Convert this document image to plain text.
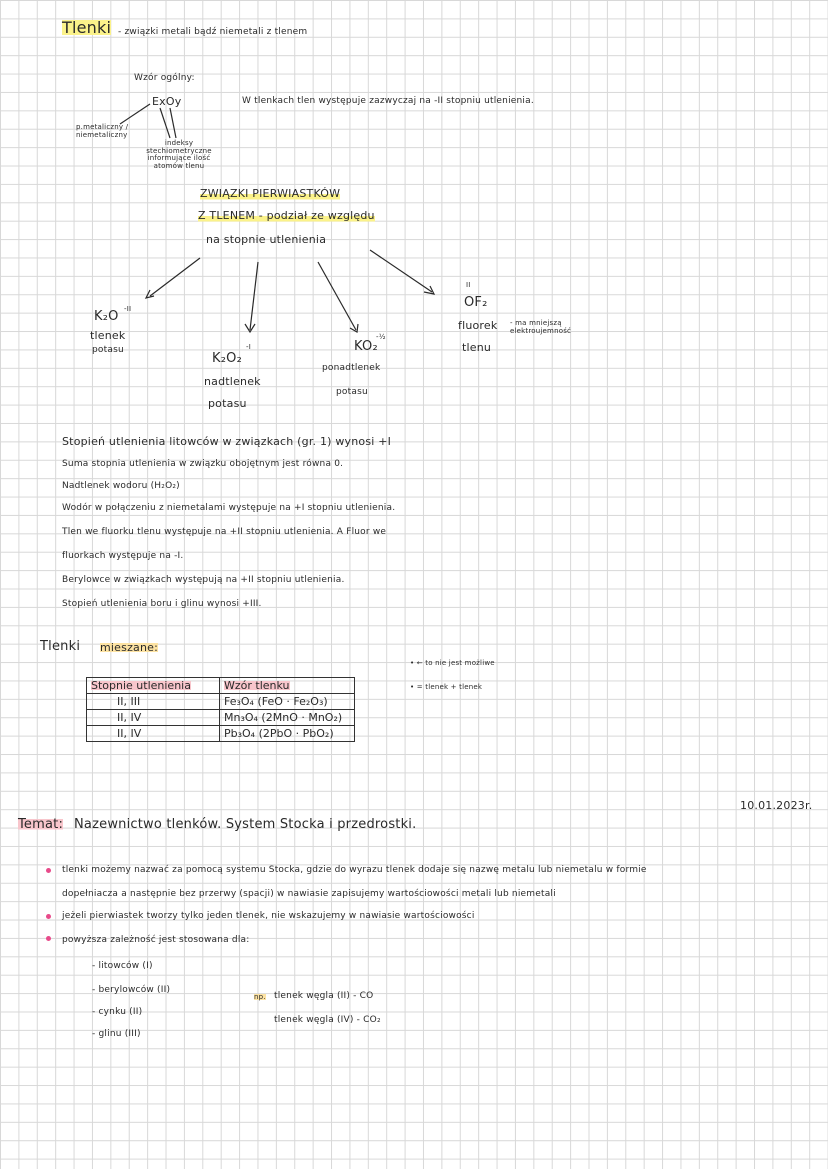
Tlenki - związki metali bądź niemetali z tlenem
Wzór ogólny:
ExOy
p.metaliczny / niemetaliczny
indeksy stechiometryczne informujące ilość atomów tlenu
W tlenkach tlen występuje zazwyczaj na -II stopniu utlenienia.
ZWIĄZKI PIERWIASTKÓW
Z TLENEM - podział ze względu
na stopnie utlenienia
K₂O -II
tlenek
potasu
K₂O₂
-I
nadtlenek
potasu
KO₂
-½
ponadtlenek
potasu
II
OF₂
fluorek
tlenu
- ma mniejszą elektroujemność
Stopień utlenienia litowców w związkach (gr. 1) wynosi +I
Suma stopnia utlenienia w związku obojętnym jest równa 0.
Nadtlenek wodoru (H₂O₂)
Wodór w połączeniu z niemetalami występuje na +I stopniu utlenienia.
Tlen we fluorku tlenu występuje na +II stopniu utlenienia. A Fluor we
fluorkach występuje na -I.
Berylowce w związkach występują na +II stopniu utlenienia.
Stopień utlenienia boru i glinu wynosi +III.
Tlenki mieszane:
• ← to nie jest możliwe
• = tlenek + tlenek
Stopnie utlenienia	Wzór tlenku
II, III	Fe₃O₄ (FeO · Fe₂O₃)
II, IV	Mn₃O₄ (2MnO · MnO₂)
II, IV	Pb₃O₄ (2PbO · PbO₂)
10.01.2023r.
Temat: Nazewnictwo tlenków. System Stocka i przedrostki.
tlenki możemy nazwać za pomocą systemu Stocka, gdzie do wyrazu tlenek dodaje się nazwę metalu lub niemetalu w formie
dopełniacza a następnie bez przerwy (spacji) w nawiasie zapisujemy wartościowości metali lub niemetali
jeżeli pierwiastek tworzy tylko jeden tlenek, nie wskazujemy w nawiasie wartościowości
powyższa zależność jest stosowana dla:
- litowców (I)
- berylowców (II)
- cynku (II)
- glinu (III)
np. tlenek węgla (II) - CO
tlenek węgla (IV) - CO₂
